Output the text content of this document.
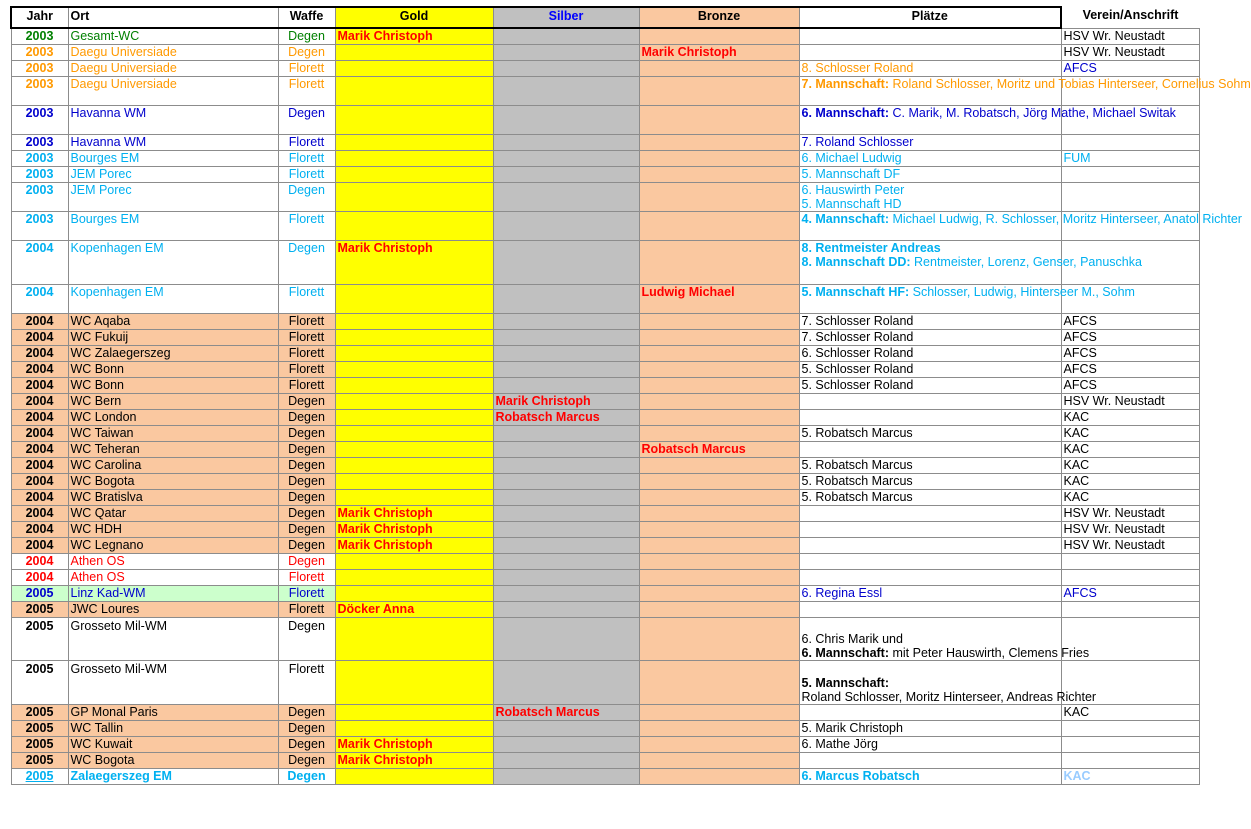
Jahr	Ort	Waffe	Gold	Silber	Bronze	Plätze	Verein/Anschrift
2003	Gesamt-WC	Degen	Marik Christoph				HSV Wr. Neustadt
2003	Daegu Universiade	Degen			Marik Christoph		HSV Wr. Neustadt
2003	Daegu Universiade	Florett				8. Schlosser Roland	AFCS
2003	Daegu Universiade	Florett				7. Mannschaft: Roland Schlosser, Moritz und Tobias Hinterseer, Cornelius Sohm	
2003	Havanna WM	Degen				6. Mannschaft: C. Marik, M. Robatsch, Jörg Mathe, Michael Switak	
2003	Havanna WM	Florett				7. Roland Schlosser	
2003	Bourges EM	Florett				6. Michael Ludwig	FUM
2003	JEM Porec	Florett				5. Mannschaft DF	
2003	JEM Porec	Degen				6. Hauswirth Peter
5. Mannschaft HD	
2003	Bourges EM	Florett				4. Mannschaft: Michael Ludwig, R. Schlosser, Moritz Hinterseer, Anatol Richter	
2004	Kopenhagen EM	Degen	Marik Christoph			8. Rentmeister Andreas
8. Mannschaft DD: Rentmeister, Lorenz, Genser, Panuschka	
2004	Kopenhagen EM	Florett			Ludwig Michael	5. Mannschaft HF: Schlosser, Ludwig, Hinterseer M., Sohm	
2004	WC Aqaba	Florett				7. Schlosser Roland	AFCS
2004	WC Fukuij	Florett				7. Schlosser Roland	AFCS
2004	WC Zalaegerszeg	Florett				6. Schlosser Roland	AFCS
2004	WC Bonn	Florett				5. Schlosser Roland	AFCS
2004	WC Bonn	Florett				5. Schlosser Roland	AFCS
2004	WC Bern	Degen		Marik Christoph			HSV Wr. Neustadt
2004	WC London	Degen		Robatsch Marcus			KAC
2004	WC Taiwan	Degen				5. Robatsch Marcus	KAC
2004	WC Teheran	Degen			Robatsch Marcus		KAC
2004	WC Carolina	Degen				5. Robatsch Marcus	KAC
2004	WC Bogota	Degen				5. Robatsch Marcus	KAC
2004	WC Bratislva	Degen				5. Robatsch Marcus	KAC
2004	WC Qatar	Degen	Marik Christoph				HSV Wr. Neustadt
2004	WC HDH	Degen	Marik Christoph				HSV Wr. Neustadt
2004	WC Legnano	Degen	Marik Christoph				HSV Wr. Neustadt
2004	Athen OS	Degen					
2004	Athen OS	Florett					
2005	Linz Kad-WM	Florett				6. Regina Essl	AFCS
2005	JWC Loures	Florett	Döcker Anna				
2005	Grosseto Mil-WM	Degen				6. Chris Marik und
6. Mannschaft: mit Peter Hauswirth, Clemens Fries	
2005	Grosseto Mil-WM	Florett				5. Mannschaft:
Roland Schlosser, Moritz Hinterseer, Andreas Richter	
2005	GP Monal Paris	Degen		Robatsch Marcus			KAC
2005	WC Tallin	Degen				5. Marik Christoph	
2005	WC Kuwait	Degen	Marik Christoph			6. Mathe Jörg	
2005	WC Bogota	Degen	Marik Christoph				
2005	Zalaegerszeg EM	Degen				6. Marcus Robatsch	KAC
